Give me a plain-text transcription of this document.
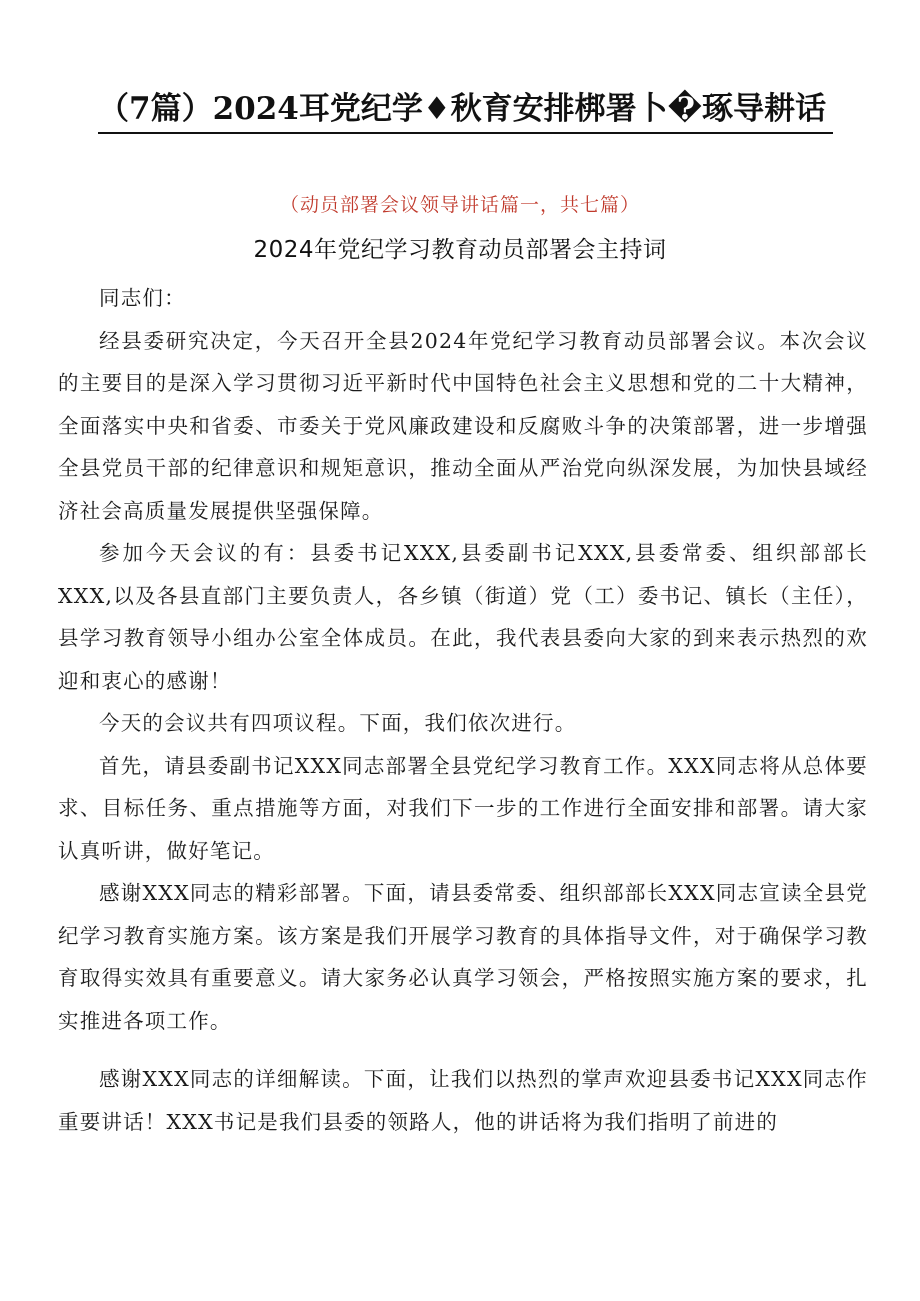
（7篇）2024耳党纪学♦秋育安排梆署卜�琢导耕话
（动员部署会议领导讲话篇一，共七篇）
2024年党纪学习教育动员部署会主持词

同志们：

经县委研究决定，今天召开全县2024年党纪学习教育动员部署会议。本次会议的主要目的是深入学习贯彻习近平新时代中国特色社会主义思想和党的二十大精神，全面落实中央和省委、市委关于党风廉政建设和反腐败斗争的决策部署，进一步增强全县党员干部的纪律意识和规矩意识，推动全面从严治党向纵深发展，为加快县域经济社会高质量发展提供坚强保障。

参加今天会议的有：县委书记XXX,县委副书记XXX,县委常委、组织部部长XXX,以及各县直部门主要负责人，各乡镇（街道）党（工）委书记、镇长（主任），县学习教育领导小组办公室全体成员。在此，我代表县委向大家的到来表示热烈的欢迎和衷心的感谢！

今天的会议共有四项议程。下面，我们依次进行。

首先，请县委副书记XXX同志部署全县党纪学习教育工作。XXX同志将从总体要求、目标任务、重点措施等方面，对我们下一步的工作进行全面安排和部署。请大家认真听讲，做好笔记。

感谢XXX同志的精彩部署。下面，请县委常委、组织部部长XXX同志宣读全县党纪学习教育实施方案。该方案是我们开展学习教育的具体指导文件，对于确保学习教育取得实效具有重要意义。请大家务必认真学习领会，严格按照实施方案的要求，扎实推进各项工作。

感谢XXX同志的详细解读。下面，让我们以热烈的掌声欢迎县委书记XXX同志作重要讲话！XXX书记是我们县委的领路人，他的讲话将为我们指明了前进的
